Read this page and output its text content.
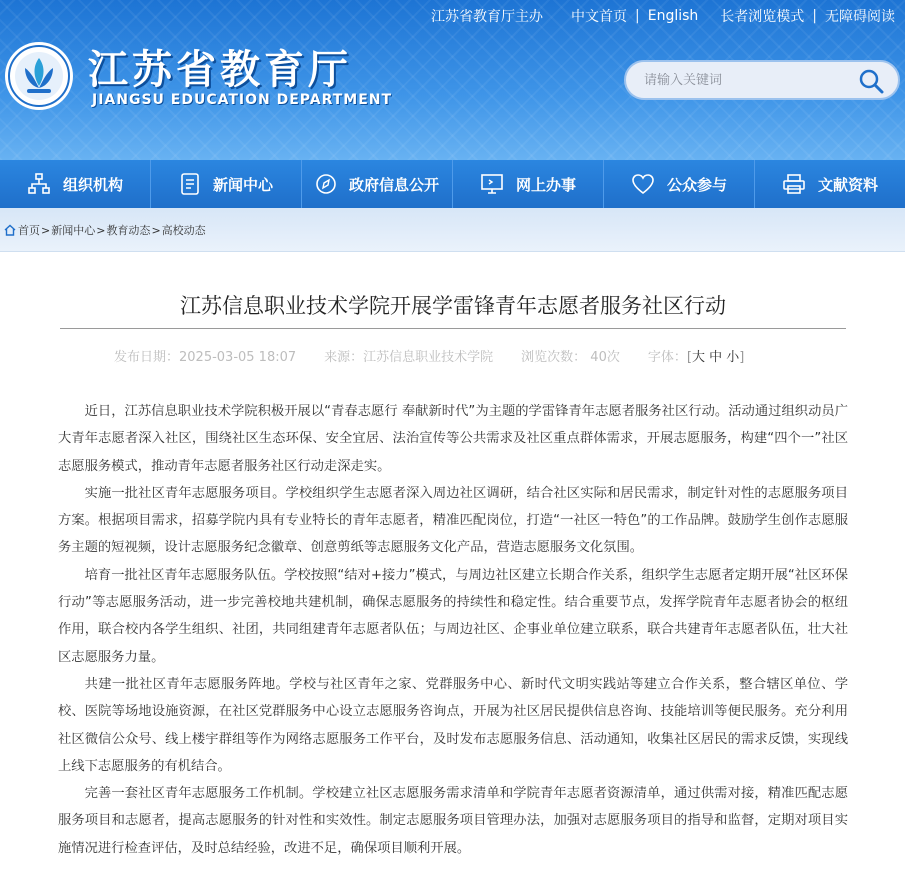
江苏省教育厅主办 中文首页 | English 长者浏览模式 | 无障碍阅读
江苏省教育厅
JIANGSU EDUCATION DEPARTMENT
请输入关键词
组织机构	新闻中心	政府信息公开	网上办事	公众参与	文献资料
首页 > 新闻中心 > 教育动态 > 高校动态
江苏信息职业技术学院开展学雷锋青年志愿者服务社区行动
发布日期：2025-03-05 18:07 来源：江苏信息职业技术学院 浏览次数： 40次 字体：[大 中 小]

近日，江苏信息职业技术学院积极开展以“青春志愿行 奉献新时代”为主题的学雷锋青年志愿者服务社区行动。活动通过组织动员广大青年志愿者深入社区，围绕社区生态环保、安全宜居、法治宣传等公共需求及社区重点群体需求，开展志愿服务，构建“四个一”社区志愿服务模式，推动青年志愿者服务社区行动走深走实。

实施一批社区青年志愿服务项目。学校组织学生志愿者深入周边社区调研，结合社区实际和居民需求，制定针对性的志愿服务项目方案。根据项目需求，招募学院内具有专业特长的青年志愿者，精准匹配岗位，打造“一社区一特色”的工作品牌。鼓励学生创作志愿服务主题的短视频，设计志愿服务纪念徽章、创意剪纸等志愿服务文化产品，营造志愿服务文化氛围。

培育一批社区青年志愿服务队伍。学校按照“结对+接力”模式，与周边社区建立长期合作关系，组织学生志愿者定期开展“社区环保行动”等志愿服务活动，进一步完善校地共建机制，确保志愿服务的持续性和稳定性。结合重要节点，发挥学院青年志愿者协会的枢纽作用，联合校内各学生组织、社团，共同组建青年志愿者队伍；与周边社区、企事业单位建立联系，联合共建青年志愿者队伍，壮大社区志愿服务力量。

共建一批社区青年志愿服务阵地。学校与社区青年之家、党群服务中心、新时代文明实践站等建立合作关系，整合辖区单位、学校、医院等场地设施资源，在社区党群服务中心设立志愿服务咨询点，开展为社区居民提供信息咨询、技能培训等便民服务。充分利用社区微信公众号、线上楼宇群组等作为网络志愿服务工作平台，及时发布志愿服务信息、活动通知，收集社区居民的需求反馈，实现线上线下志愿服务的有机结合。

完善一套社区青年志愿服务工作机制。学校建立社区志愿服务需求清单和学院青年志愿者资源清单，通过供需对接，精准匹配志愿服务项目和志愿者，提高志愿服务的针对性和实效性。制定志愿服务项目管理办法，加强对志愿服务项目的指导和监督，定期对项目实施情况进行检查评估，及时总结经验，改进不足，确保项目顺利开展。
